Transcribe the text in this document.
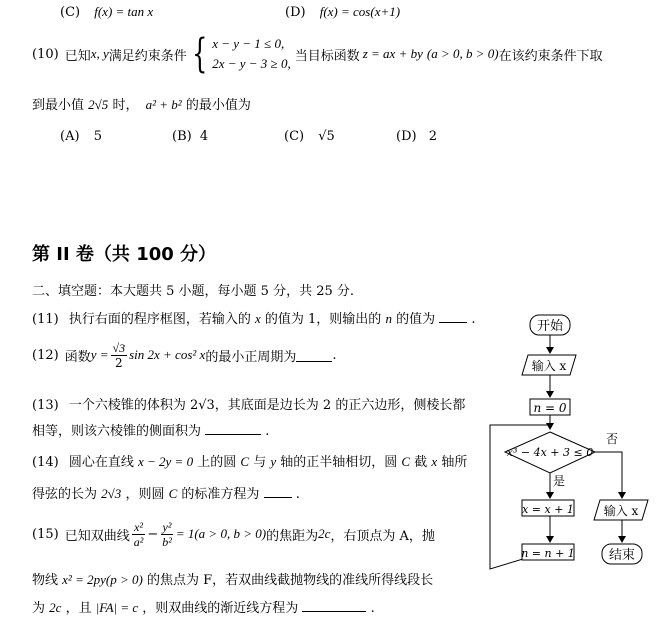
(C) f(x) = tan x	(D) f(x) = cos(x+1)
(10) 已知 x, y 满足约束条件 { x − y − 1 ≤ 0,
2x − y − 3 ≥ 0, 当目标函数 z = ax + by (a > 0, b > 0) 在该约束条件下取
到最小值 2√5 时， a² + b² 的最小值为
(A) 5	(B) 4	(C) √5	(D) 2
第 II 卷（共 100 分）
二、填空题：本大题共 5 小题，每小题 5 分，共 25 分.
(11) 执行右面的程序框图，若输入的 x 的值为 1，则输出的 n 的值为	.
(12) 函数 $y = \frac{√3}{2}$ sin 2x + cos² x 的最小正周期为	.
(13) 一个六棱锥的体积为 2√3，其底面是边长为 2 的正六边形，侧棱长都
相等，则该六棱锥的侧面积为	.
(14) 圆心在直线 x − 2y = 0 上的圆 C 与 y 轴的正半轴相切，圆 C 截 x 轴所
得弦的长为 2√3 ，则圆 C 的标准方程为	.
(15) 已知双曲线 $\frac{\text{x²}}{\text{a²}} - \frac{\text{y²}}{\text{b²}} = 1(a > 0$, b > 0) 的焦距为 2c ，右顶点为 A，抛
物线 x² = 2py(p > 0) 的焦点为 F，若双曲线截抛物线的准线所得线段长
为 2c ，且 |FA| = c ，则双曲线的渐近线方程为	.
开始
输入 x
n = 0
x³ − 4x + 3 ≤ 0
否
是
x = x + 1
n = n + 1
输入 x
结束
